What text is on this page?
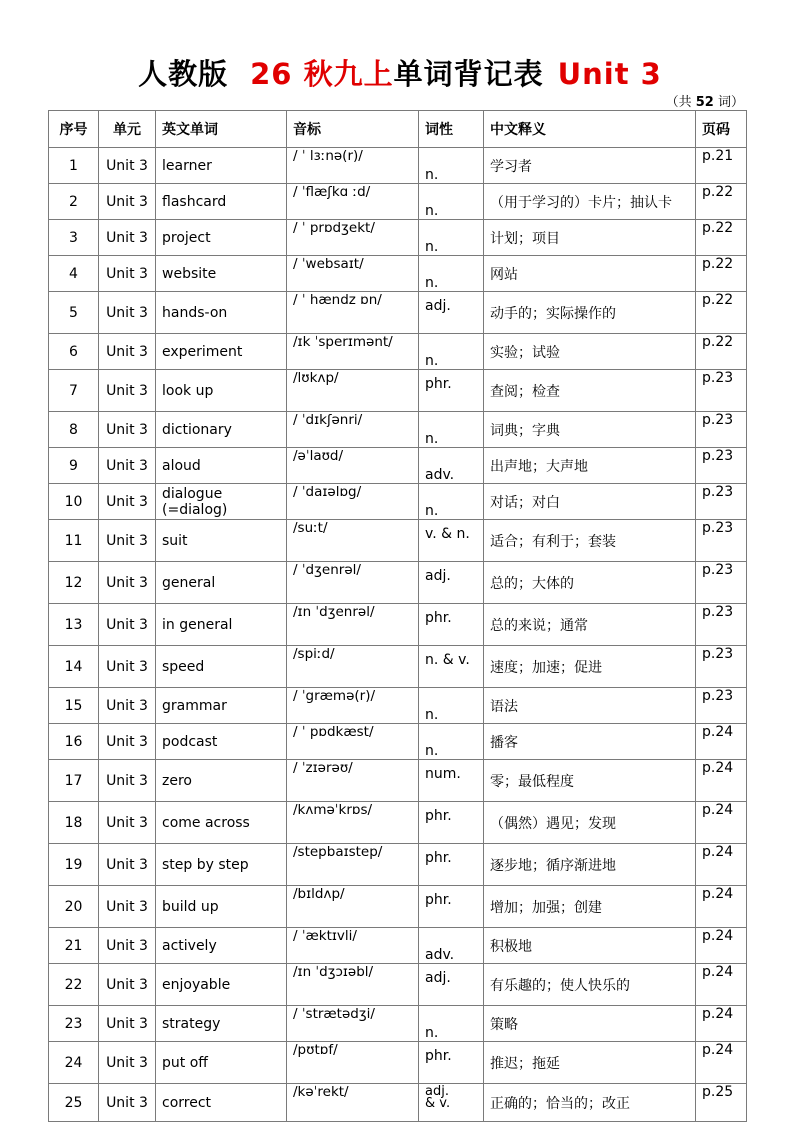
人教版 26 秋九上单词背记表 Unit 3
（共 52 词）
序号	单元	英文单词	音标	词性	中文释义	页码
1	Unit 3	learner	/ ˈ lɜːnə(r)/	n.	学习者	p.21
2	Unit 3	flashcard	/ ˈflæʃkɑ ːd/	n.	（用于学习的）卡片；抽认卡	p.22
3	Unit 3	project	/ ˈ prɒdʒekt/	n.	计划；项目	p.22
4	Unit 3	website	/ ˈwebsaɪt/	n.	网站	p.22
5	Unit 3	hands-on	/ ˈ hændz ɒn/	adj.	动手的；实际操作的	p.22
6	Unit 3	experiment	/ɪk ˈsperɪmənt/	n.	实验；试验	p.22
7	Unit 3	look up	/lʊkʌp/	phr.	查阅；检查	p.23
8	Unit 3	dictionary	/ ˈdɪkʃənri/	n.	词典；字典	p.23
9	Unit 3	aloud	/əˈlaʊd/	adv.	出声地；大声地	p.23
10	Unit 3	dialogue (=dialog)	/ ˈdaɪəlɒg/	n.	对话；对白	p.23
11	Unit 3	suit	/suːt/	v. & n.	适合；有利于；套装	p.23
12	Unit 3	general	/ ˈdʒenrəl/	adj.	总的；大体的	p.23
13	Unit 3	in general	/ɪn ˈdʒenrəl/	phr.	总的来说；通常	p.23
14	Unit 3	speed	/spiːd/	n. & v.	速度；加速；促进	p.23
15	Unit 3	grammar	/ ˈgræmə(r)/	n.	语法	p.23
16	Unit 3	podcast	/ ˈ pɒdkæst/	n.	播客	p.24
17	Unit 3	zero	/ ˈzɪərəʊ/	num.	零；最低程度	p.24
18	Unit 3	come across	/kʌməˈkrɒs/	phr.	（偶然）遇见；发现	p.24
19	Unit 3	step by step	/stepbaɪstep/	phr.	逐步地；循序渐进地	p.24
20	Unit 3	build up	/bɪldʌp/	phr.	增加；加强；创建	p.24
21	Unit 3	actively	/ ˈæktɪvli/	adv.	积极地	p.24
22	Unit 3	enjoyable	/ɪn ˈdʒɔɪəbl/	adj.	有乐趣的；使人快乐的	p.24
23	Unit 3	strategy	/ ˈstrætədʒi/	n.	策略	p.24
24	Unit 3	put off	/pʊtɒf/	phr.	推迟；拖延	p.24
25	Unit 3	correct	/kəˈrekt/	adj.
& v.	正确的；恰当的；改正	p.25
